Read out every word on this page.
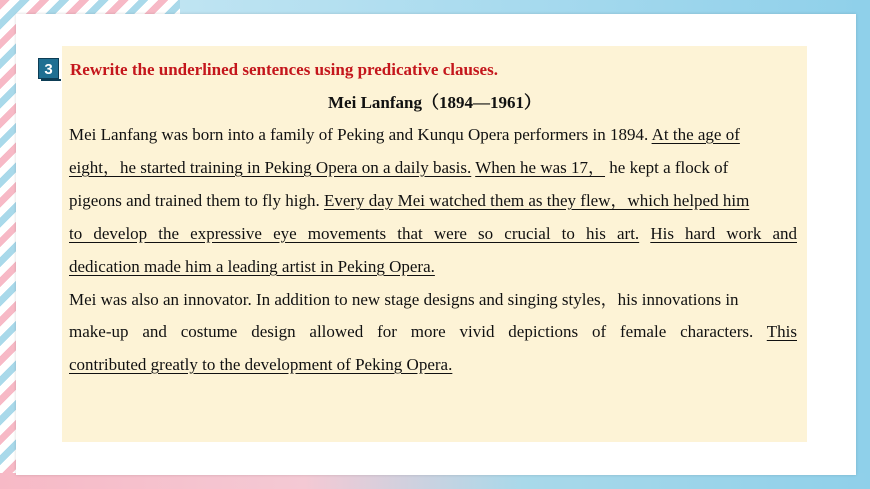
3	Rewrite the underlined sentences using predicative clauses.
Mei Lanfang（1894—1961）
Mei Lanfang was born into a family of Peking and Kunqu Opera performers in 1894. At the age of
eight，he started training in Peking Opera on a daily basis. When he was 17， he kept a flock of
pigeons and trained them to fly high. Every day Mei watched them as they flew，which helped him
to develop the expressive eye movements that were so crucial to his art. His hard work and
dedication made him a leading artist in Peking Opera.
Mei was also an innovator. In addition to new stage designs and singing styles，his innovations in
make-up and costume design allowed for more vivid depictions of female characters. This
contributed greatly to the development of Peking Opera.
